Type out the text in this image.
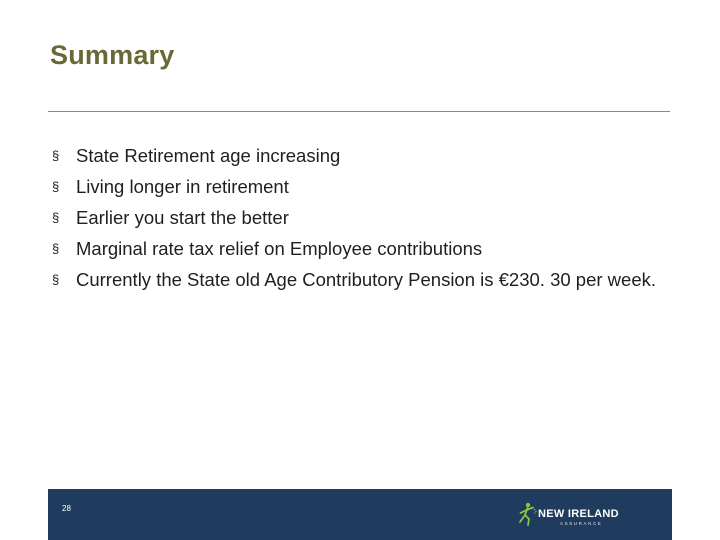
Summary
§ State Retirement age increasing
§ Living longer in retirement
§ Earlier you start the better
§ Marginal rate tax relief on Employee contributions
§ Currently the State old Age Contributory Pension is €230. 30 per week.
28	NEW IRELAND
ASSURANCE
